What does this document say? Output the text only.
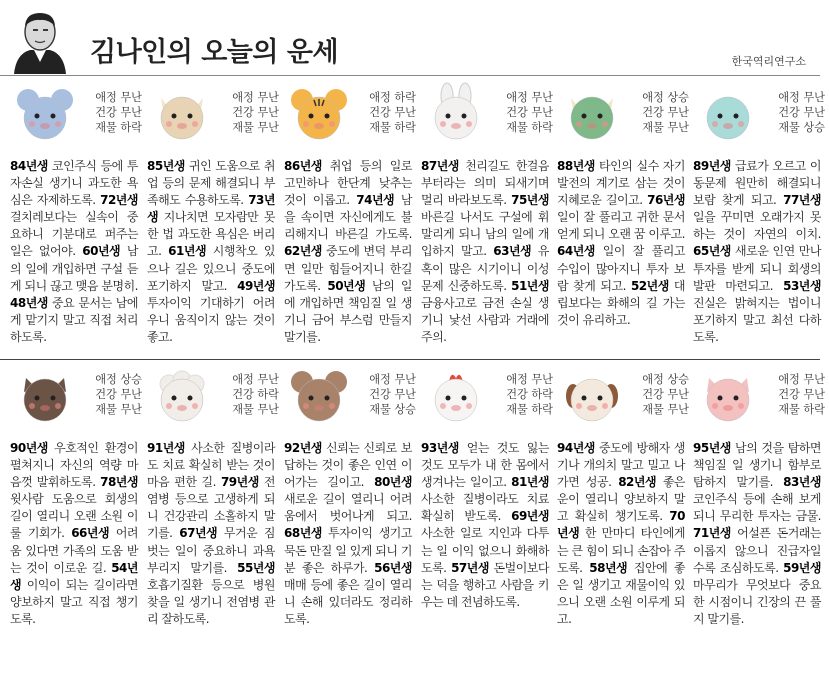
김나인의 오늘의 운세	한국역리연구소
애정 무난
건강 무난
재물 하락
84년생 코인주식 등에 투자손실 생기니 과도한 욕심은 자제하도록. 72년생 걸치레보다는 실속이 중요하니 기분대로 퍼주는 일은 없어야. 60년생 남의 일에 개입하면 구설 듣게 되니 끊고 맺음 분명히. 48년생 중요 문서는 남에게 맡기지 말고 직접 처리하도록.
애정 무난
건강 무난
재물 무난
85년생 귀인 도움으로 취업 등의 문제 해결되니 부족해도 수용하도록. 73년생 지나치면 모자람만 못한 법 과도한 욕심은 버리고. 61년생 시행착오 있으나 길은 있으니 중도에 포기하지 말고. 49년생 투자이익 기대하기 어려우니 움직이지 않는 것이 좋고.
애정 하락
건강 무난
재물 하락
86년생 취업 등의 일로 고민하나 한단계 낮추는 것이 이롭고. 74년생 남을 속이면 자신에게도 불리해지니 바른길 가도록. 62년생 중도에 변덕 부리면 일만 힘들어지니 한길 가도록. 50년생 남의 일에 개입하면 책임질 일 생기니 금어 부스럼 만들지 말기를.
애정 무난
건강 무난
재물 하락
87년생 천리길도 한걸음 부터라는 의미 되새기며 멀리 바라보도록. 75년생 바른길 나서도 구설에 휘말리게 되니 남의 일에 개입하지 말고. 63년생 유혹이 많은 시기이니 이성 문제 신중하도록. 51년생 금융사고로 금전 손실 생기니 낯선 사람과 거래에 주의.
애정 상승
건강 무난
재물 무난
88년생 타인의 실수 자기발전의 계기로 삼는 것이 지혜로운 길이고. 76년생 일이 잘 풀리고 귀한 문서 얻게 되니 오랜 꿈 이루고. 64년생 일이 잘 풀리고 수입이 많아지니 투자 보람 찾게 되고. 52년생 대립보다는 화해의 길 가는 것이 유리하고.
애정 무난
건강 무난
재물 상승
89년생 급료가 오르고 이동문제 원만히 해결되니 보람 찾게 되고. 77년생 일을 꾸미면 오래가지 못하는 것이 자연의 이치. 65년생 새로운 인연 만나 투자를 받게 되니 회생의 발판 마련되고. 53년생 진실은 밝혀지는 법이니 포기하지 말고 최선 다하도록.
애정 상승
건강 무난
재물 무난
90년생 우호적인 환경이 펼쳐지니 자신의 역량 마음껏 발휘하도록. 78년생 윗사람 도움으로 회생의 길이 열리니 오랜 소원 이룰 기회가. 66년생 어려움 있다면 가족의 도움 받는 것이 이로운 길. 54년생 이익이 되는 길이라면 양보하지 말고 직접 챙기도록.
애정 무난
건강 하락
재물 무난
91년생 사소한 질병이라도 치료 확실히 받는 것이 마음 편한 길. 79년생 전염병 등으로 고생하게 되니 건강관리 소홀하지 말기를. 67년생 무거운 짐 벗는 일이 중요하니 과욕 부리지 말기를. 55년생 호흡기질환 등으로 병원 찾을 일 생기니 전염병 관리 잘하도록.
애정 무난
건강 무난
재물 상승
92년생 신뢰는 신뢰로 보답하는 것이 좋은 인연 이어가는 길이고. 80년생 새로운 길이 열리니 어려움에서 벗어나게 되고. 68년생 투자이익 생기고 묵돈 만질 일 있게 되니 기분 좋은 하루가. 56년생 매매 등에 좋은 길이 열리니 손해 있더라도 정리하도록.
애정 무난
건강 하락
재물 하락
93년생 얻는 것도 잃는 것도 모두가 내 한 몸에서 생겨나는 일이고. 81년생 사소한 질병이라도 치료 확실히 받도록. 69년생 사소한 일로 지인과 다투는 일 이익 없으니 화해하도록. 57년생 돈벌이보다는 덕을 행하고 사람을 키우는 데 전념하도록.
애정 상승
건강 무난
재물 무난
94년생 중도에 방해자 생기나 개의치 말고 밀고 나가면 성공. 82년생 좋은 운이 열리니 양보하지 말고 확실히 챙기도록. 70년생 한 만마디 타인에게는 큰 힘이 되니 손잡아 주도록. 58년생 집안에 좋은 일 생기고 재물이익 있으니 오랜 소원 이루게 되고.
애정 무난
건강 무난
재물 하락
95년생 남의 것을 탐하면 책임질 일 생기니 함부로 탐하지 말기를. 83년생 코인주식 등에 손해 보게 되니 무리한 투자는 금물. 71년생 어설픈 돈거래는 이롭지 않으니 진급자일수록 조심하도록. 59년생 마무리가 무엇보다 중요한 시점이니 긴장의 끈 풀지 말기를.
